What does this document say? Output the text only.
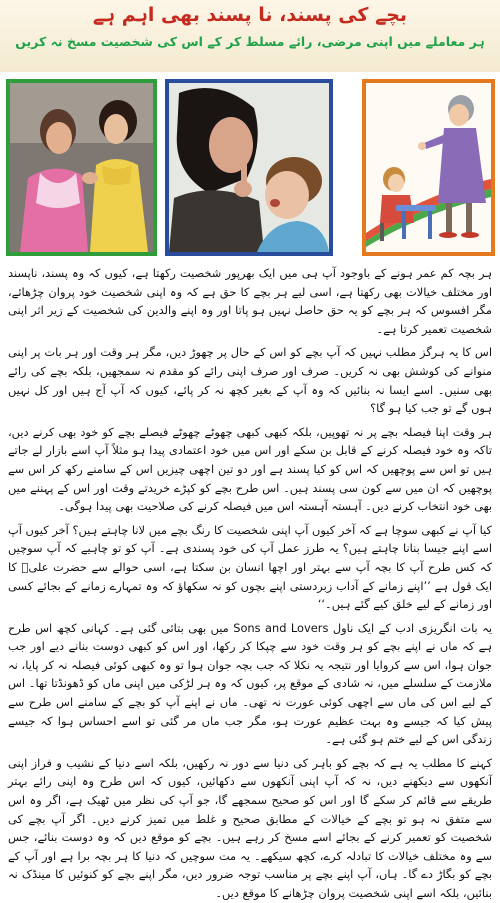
بچے کی پسند، نا پسند بھی اہم ہے
ہر معاملے میں اپنی مرضی، رائے مسلط کر کے اس کی شخصیت مسخ نہ کریں

ہر بچہ کم عمر ہونے کے باوجود آپ ہی میں ایک بھرپور شخصیت رکھتا ہے، کیوں کہ وہ پسند، ناپسند اور مختلف خیالات بھی رکھتا ہے، اسی لیے ہر بچے کا حق ہے کہ وہ اپنی شخصیت خود پروان چڑھائے، مگر افسوس کہ ہر بچے کو یہ حق حاصل نہیں ہو پاتا اور وہ اپنے والدین کی شخصیت کے زیر اثر اپنی شخصیت تعمیر کرتا ہے۔

اس کا یہ ہرگز مطلب نہیں کہ آپ بچے کو اس کے حال پر چھوڑ دیں، مگر ہر وقت اور ہر بات پر اپنی منوانے کی کوشش بھی نہ کریں۔ صرف اور صرف اپنی رائے کو مقدم نہ سمجھیں، بلکہ بچے کی رائے بھی سنیں۔ اسے ایسا نہ بنائیں کہ وہ آپ کے بغیر کچھ نہ کر پائے، کیوں کہ آپ آج ہیں اور کل نہیں ہوں گے تو جب کیا ہو گا؟

ہر وقت اپنا فیصلہ بچے پر نہ تھوپیں، بلکہ کبھی کبھی چھوٹے چھوٹے فیصلے بچے کو خود بھی کرنے دیں، تاکہ وہ خود فیصلہ کرنے کے قابل بن سکے اور اس میں خود اعتمادی پیدا ہو مثلاً آپ اسے بازار لے جاتے ہیں تو اس سے پوچھیں کہ اس کو کیا پسند ہے اور دو تین اچھی چیزیں اس کے سامنے رکھ کر اس سے پوچھیں کہ ان میں سے کون سی پسند ہیں۔ اس طرح بچے کو کپڑے خریدتے وقت اور اس کے پہننے میں بھی خود انتخاب کرنے دیں۔ آہستہ آہستہ اس میں فیصلہ کرنے کی صلاحیت بھی پیدا ہوگی۔

کیا آپ نے کبھی سوچا ہے کہ آخر کیوں آپ اپنی شخصیت کا رنگ بچے میں لانا چاہتے ہیں؟ آخر کیوں آپ اسے اپنے جیسا بنانا چاہتے ہیں؟ یہ طرز عمل آپ کی خود پسندی ہے۔ آپ کو تو چاہیے کہ آپ سوچیں کہ کس طرح آپ کا بچہ آپ سے بہتر اور اچھا انسان بن سکتا ہے، اسی حوالے سے حضرت علیؓ کا ایک قول ہے ’’اپنے زمانے کے آداب زبردستی اپنے بچوں کو نہ سکھاؤ کہ وہ تمہارے زمانے کے بجائے کسی اور زمانے کے لیے خلق کیے گئے ہیں۔‘‘

یہ بات انگریزی ادب کے ایک ناول Sons and Lovers میں بھی بتائی گئی ہے۔ کہانی کچھ اس طرح ہے کہ ماں نے اپنے بچے کو ہر وقت خود سے چپکا کر رکھا، اور اس کو کبھی دوست بنانے دیے اور جب جوان ہوا، اس سے کروایا اور نتیجہ یہ نکلا کہ جب بچہ جوان ہوا تو وہ کبھی کوئی فیصلہ نہ کر پایا، نہ ملازمت کے سلسلے میں، نہ شادی کے موقع پر، کیوں کہ وہ ہر لڑکی میں اپنی ماں کو ڈھونڈتا تھا۔ اس کے لیے اس کی ماں سے اچھی کوئی عورت نہ تھی۔ ماں نے اپنے آپ کو بچے کے سامنے اس طرح سے پیش کیا کہ جیسے وہ بہت عظیم عورت ہو، مگر جب ماں مر گئی تو اسے احساس ہوا کہ جیسے زندگی اس کے لیے ختم ہو گئی ہے۔

کہنے کا مطلب یہ ہے کہ بچے کو باہر کی دنیا سے دور نہ رکھیں، بلکہ اسے دنیا کے نشیب و فراز اپنی آنکھوں سے دیکھنے دیں، نہ کہ آپ اپنی آنکھوں سے دکھائیں، کیوں کہ اس طرح وہ اپنی رائے بہتر طریقے سے قائم کر سکے گا اور اس کو صحیح سمجھے گا، جو آپ کی نظر میں ٹھیک ہے، اگر وہ اس سے متفق نہ ہو تو بچے کے خیالات کے مطابق صحیح و غلط میں تمیز کرنے دیں۔ اگر آپ بچے کی شخصیت کو تعمیر کرنے کے بجائے اسے مسخ کر رہے ہیں۔ بچے کو موقع دیں کہ وہ دوست بنائے، جس سے وہ مختلف خیالات کا تبادلہ کرے، کچھ سیکھے۔ یہ مت سوچیں کہ دنیا کا ہر بچہ برا ہے اور آپ کے بچے کو بگاڑ دے گا۔ ہاں، آپ اپنے بچے پر مناسب توجہ ضرور دیں، مگر اپنے بچے کو کنوئیں کا مینڈک نہ بنائیں، بلکہ اسے اپنی شخصیت پروان چڑھانے کا موقع دیں۔
